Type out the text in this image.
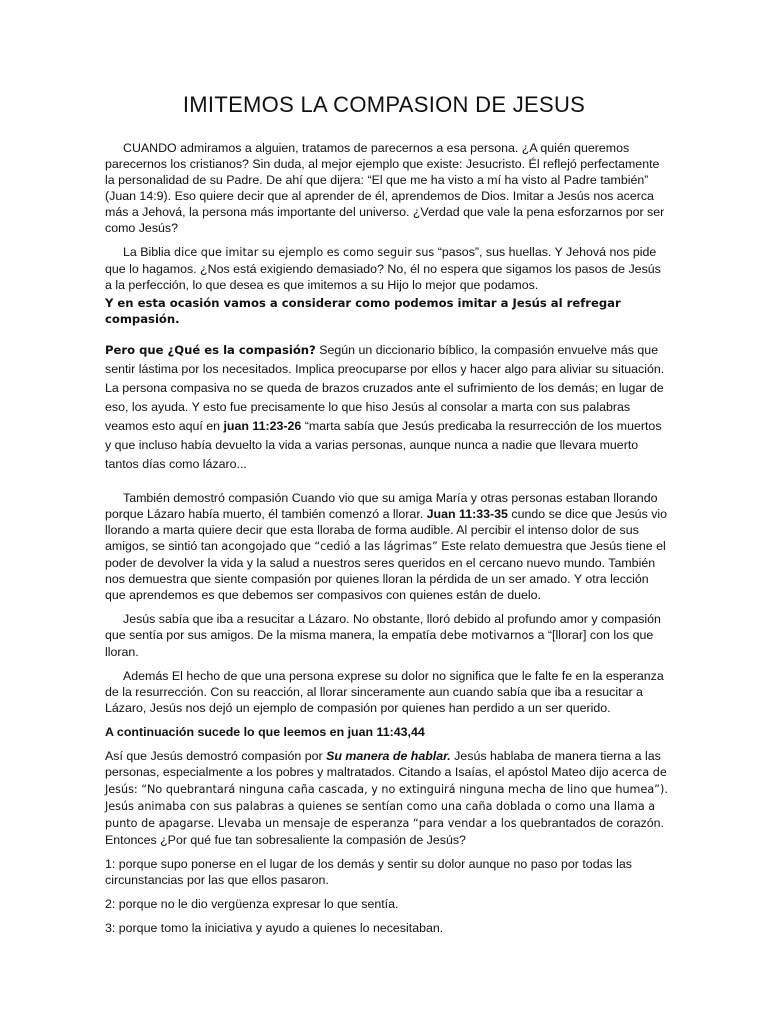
IMITEMOS LA COMPASION DE JESUS

CUANDO admiramos a alguien, tratamos de parecernos a esa persona. ¿A quién queremos parecernos los cristianos? Sin duda, al mejor ejemplo que existe: Jesucristo. Él reflejó perfectamente la personalidad de su Padre. De ahí que dijera: “El que me ha visto a mí ha visto al Padre también” (Juan 14:9). Eso quiere decir que al aprender de él, aprendemos de Dios. Imitar a Jesús nos acerca más a Jehová, la persona más importante del universo. ¿Verdad que vale la pena esforzarnos por ser como Jesús?

La Biblia dice que imitar su ejemplo es como seguir sus “pasos”, sus huellas. Y Jehová nos pide que lo hagamos. ¿Nos está exigiendo demasiado? No, él no espera que sigamos los pasos de Jesús a la perfección, lo que desea es que imitemos a su Hijo lo mejor que podamos.

Y en esta ocasión vamos a considerar como podemos imitar a Jesús al refregar compasión.

Pero que ¿Qué es la compasión? Según un diccionario bíblico, la compasión envuelve más que sentir lástima por los necesitados. Implica preocuparse por ellos y hacer algo para aliviar su situación. La persona compasiva no se queda de brazos cruzados ante el sufrimiento de los demás; en lugar de eso, los ayuda. Y esto fue precisamente lo que hiso Jesús al consolar a marta con sus palabras veamos esto aquí en juan 11:23-26 “marta sabía que Jesús predicaba la resurrección de los muertos y que incluso había devuelto la vida a varias personas, aunque nunca a nadie que llevara muerto tantos días como lázaro...

También demostró compasión Cuando vio que su amiga María y otras personas estaban llorando porque Lázaro había muerto, él también comenzó a llorar. Juan 11:33-35 cundo se dice que Jesús vio llorando a marta quiere decir que esta lloraba de forma audible. Al percibir el intenso dolor de sus amigos, se sintió tan acongojado que “cedió a las lágrimas” Este relato demuestra que Jesús tiene el poder de devolver la vida y la salud a nuestros seres queridos en el cercano nuevo mundo. También nos demuestra que siente compasión por quienes lloran la pérdida de un ser amado. Y otra lección que aprendemos es que debemos ser compasivos con quienes están de duelo.

Jesús sabía que iba a resucitar a Lázaro. No obstante, lloró debido al profundo amor y compasión que sentía por sus amigos. De la misma manera, la empatía debe motivarnos a “[llorar] con los que lloran.

Además El hecho de que una persona exprese su dolor no significa que le falte fe en la esperanza de la resurrección. Con su reacción, al llorar sinceramente aun cuando sabía que iba a resucitar a Lázaro, Jesús nos dejó un ejemplo de compasión por quienes han perdido a un ser querido.

A continuación sucede lo que leemos en juan 11:43,44

Así que Jesús demostró compasión por Su manera de hablar. Jesús hablaba de manera tierna a las personas, especialmente a los pobres y maltratados. Citando a Isaías, el apóstol Mateo dijo acerca de Jesús: “No quebrantará ninguna caña cascada, y no extinguirá ninguna mecha de lino que humea”). Jesús animaba con sus palabras a quienes se sentían como una caña doblada o como una llama a punto de apagarse. Llevaba un mensaje de esperanza “para vendar a los quebrantados de corazón. Entonces ¿Por qué fue tan sobresaliente la compasión de Jesús?

1: porque supo ponerse en el lugar de los demás y sentir su dolor aunque no paso por todas las circunstancias por las que ellos pasaron.

2: porque no le dio vergüenza expresar lo que sentía.

3: porque tomo la iniciativa y ayudo a quienes lo necesitaban.
